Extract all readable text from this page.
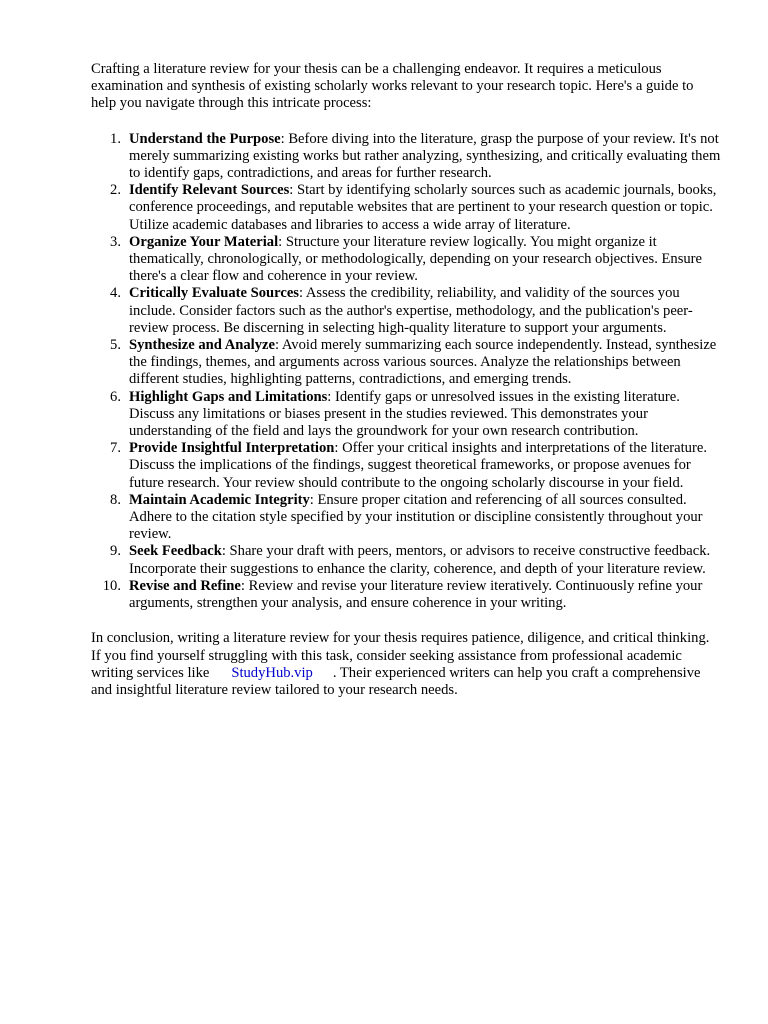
Crafting a literature review for your thesis can be a challenging endeavor. It requires a meticulous examination and synthesis of existing scholarly works relevant to your research topic. Here's a guide to help you navigate through this intricate process:

1. Understand the Purpose: Before diving into the literature, grasp the purpose of your review. It's not merely summarizing existing works but rather analyzing, synthesizing, and critically evaluating them to identify gaps, contradictions, and areas for further research.
2. Identify Relevant Sources: Start by identifying scholarly sources such as academic journals, books, conference proceedings, and reputable websites that are pertinent to your research question or topic. Utilize academic databases and libraries to access a wide array of literature.
3. Organize Your Material: Structure your literature review logically. You might organize it thematically, chronologically, or methodologically, depending on your research objectives. Ensure there's a clear flow and coherence in your review.
4. Critically Evaluate Sources: Assess the credibility, reliability, and validity of the sources you include. Consider factors such as the author's expertise, methodology, and the publication's peer-review process. Be discerning in selecting high-quality literature to support your arguments.
5. Synthesize and Analyze: Avoid merely summarizing each source independently. Instead, synthesize the findings, themes, and arguments across various sources. Analyze the relationships between different studies, highlighting patterns, contradictions, and emerging trends.
6. Highlight Gaps and Limitations: Identify gaps or unresolved issues in the existing literature. Discuss any limitations or biases present in the studies reviewed. This demonstrates your understanding of the field and lays the groundwork for your own research contribution.
7. Provide Insightful Interpretation: Offer your critical insights and interpretations of the literature. Discuss the implications of the findings, suggest theoretical frameworks, or propose avenues for future research. Your review should contribute to the ongoing scholarly discourse in your field.
8. Maintain Academic Integrity: Ensure proper citation and referencing of all sources consulted. Adhere to the citation style specified by your institution or discipline consistently throughout your review.
9. Seek Feedback: Share your draft with peers, mentors, or advisors to receive constructive feedback. Incorporate their suggestions to enhance the clarity, coherence, and depth of your literature review.
10. Revise and Refine: Review and revise your literature review iteratively. Continuously refine your arguments, strengthen your analysis, and ensure coherence in your writing.

In conclusion, writing a literature review for your thesis requires patience, diligence, and critical thinking. If you find yourself struggling with this task, consider seeking assistance from professional academic writing services like StudyHub.vip . Their experienced writers can help you craft a comprehensive and insightful literature review tailored to your research needs.
